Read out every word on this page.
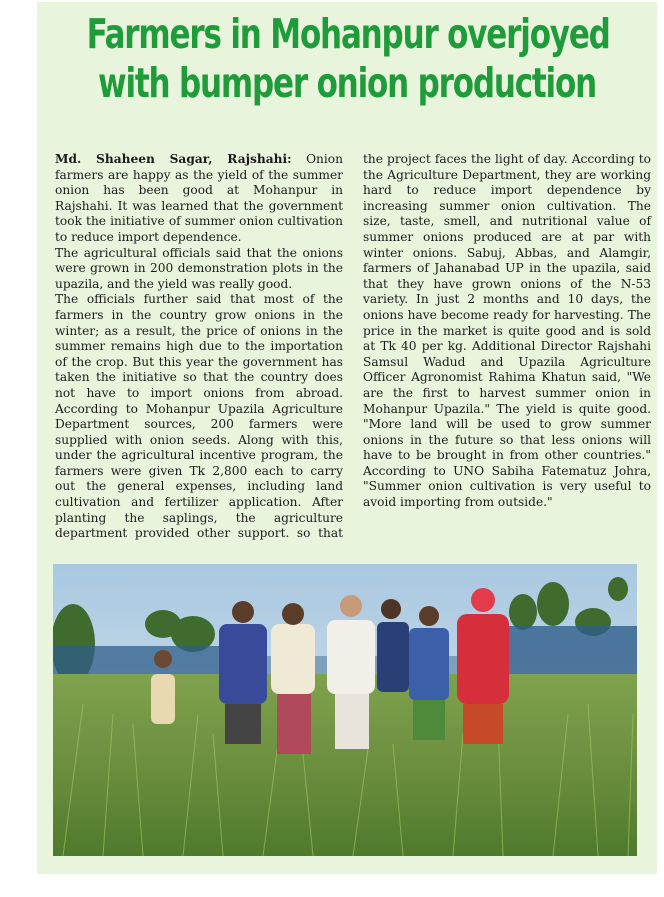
Farmers in Mohanpur overjoyed
with bumper onion production

Md. Shaheen Sagar, Rajshahi: Onion farmers are happy as the yield of the summer onion has been good at Mohanpur in Rajshahi. It was learned that the government took the initiative of summer onion cultivation to reduce import dependence.

The agricultural officials said that the onions were grown in 200 demonstration plots in the upazila, and the yield was really good.

The officials further said that most of the farmers in the country grow onions in the winter; as a result, the price of onions in the summer remains high due to the importation of the crop. But this year the government has taken the initiative so that the country does not have to import onions from abroad. According to Mohanpur Upazila Agriculture Department sources, 200 farmers were supplied with onion seeds. Along with this, under the agricultural incentive program, the farmers were given Tk 2,800 each to carry out the general expenses, including land cultivation and fertilizer application. After planting the saplings, the agriculture department provided other support. so that the project faces the light of day. According to the Agriculture Department, they are working hard to reduce import dependence by increasing summer onion cultivation. The size, taste, smell, and nutritional value of summer onions produced are at par with winter onions. Sabuj, Abbas, and Alamgir, farmers of Jahanabad UP in the upazila, said that they have grown onions of the N-53 variety. In just 2 months and 10 days, the onions have become ready for harvesting. The price in the market is quite good and is sold at Tk 40 per kg. Additional Director Rajshahi Samsul Wadud and Upazila Agriculture Officer Agronomist Rahima Khatun said, "We are the first to harvest summer onion in Mohanpur Upazila." The yield is quite good. "More land will be used to grow summer onions in the future so that less onions will have to be brought in from other countries." According to UNO Sabiha Fatematuz Johra, "Summer onion cultivation is very useful to avoid importing from outside."
